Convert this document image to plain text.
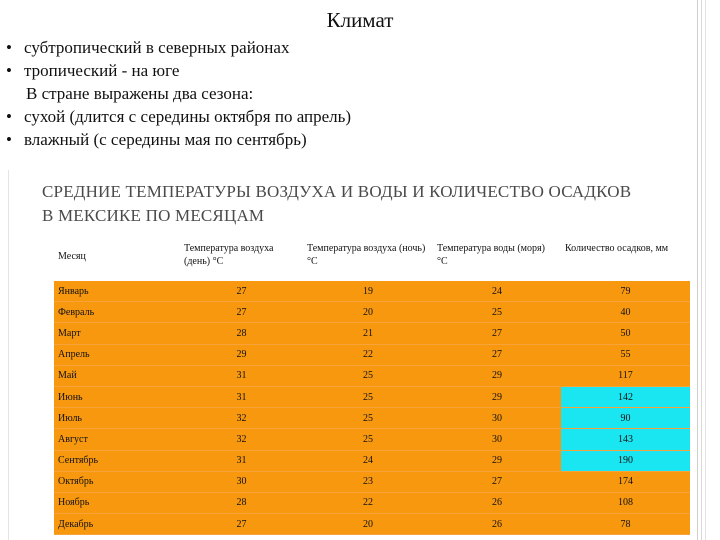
Климат
• субтропический в северных районах
• тропический - на юге
В стране выражены два сезона:
• сухой (длится с середины октября по апрель)
• влажный (с середины мая по сентябрь)
СРЕДНИЕ ТЕМПЕРАТУРЫ ВОЗДУХА И ВОДЫ И КОЛИЧЕСТВО ОСАДКОВ
В МЕКСИКЕ ПО МЕСЯЦАМ
Месяц	Температура воздуха (день) °С	Температура воздуха (ночь) °С	Температура воды (моря) °С	Количество осадков, мм
Январь	27	19	24	79
Февраль	27	20	25	40
Март	28	21	27	50
Апрель	29	22	27	55
Май	31	25	29	117
Июнь	31	25	29	142
Июль	32	25	30	90
Август	32	25	30	143
Сентябрь	31	24	29	190
Октябрь	30	23	27	174
Ноябрь	28	22	26	108
Декабрь	27	20	26	78
